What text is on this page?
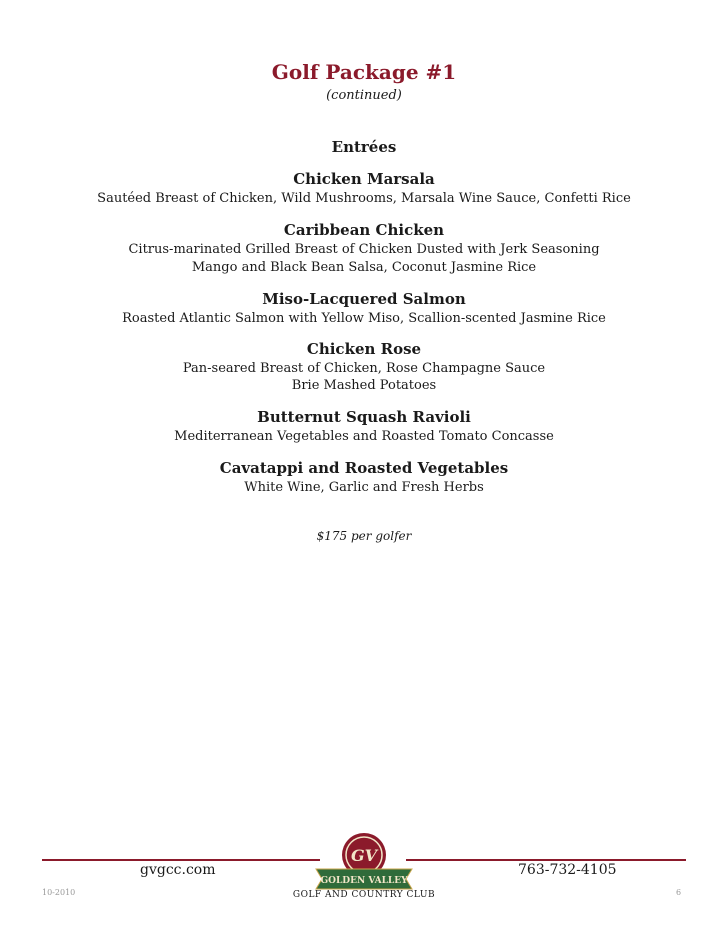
Golf Package #1
(continued)
Entrées
Chicken Marsala
Sautéed Breast of Chicken, Wild Mushrooms, Marsala Wine Sauce, Confetti Rice
Caribbean Chicken
Citrus-marinated Grilled Breast of Chicken Dusted with Jerk Seasoning
Mango and Black Bean Salsa, Coconut Jasmine Rice
Miso-Lacquered Salmon
Roasted Atlantic Salmon with Yellow Miso, Scallion-scented Jasmine Rice
Chicken Rose
Pan-seared Breast of Chicken, Rose Champagne Sauce
Brie Mashed Potatoes
Butternut Squash Ravioli
Mediterranean Vegetables and Roasted Tomato Concasse
Cavatappi and Roasted Vegetables
White Wine, Garlic and Fresh Herbs
$175 per golfer
gvgcc.com	763-732-4105
GV
GOLDEN VALLEY
GOLF AND COUNTRY CLUB
10-2010	6
